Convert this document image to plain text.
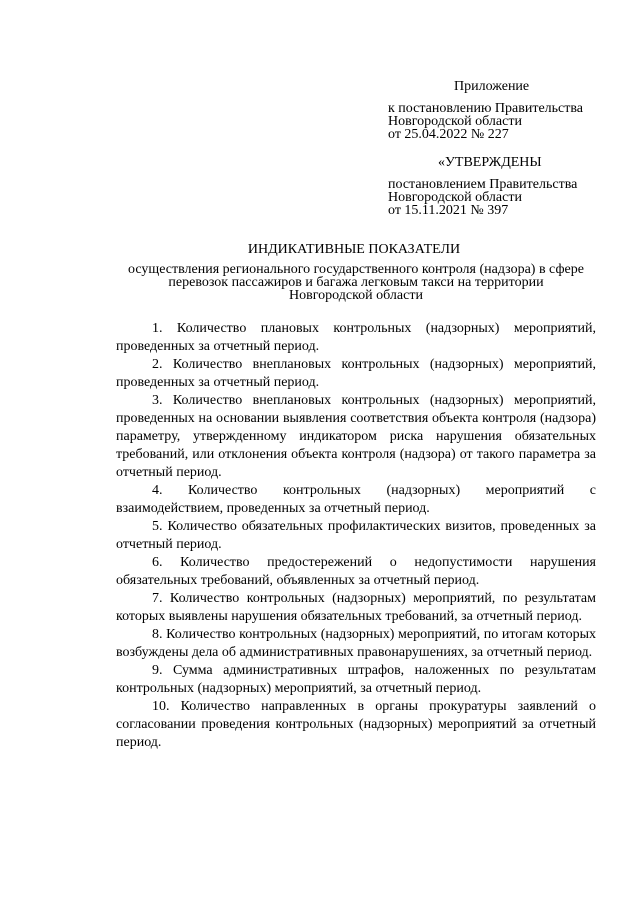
Приложение
к постановлению Правительства
Новгородской области
от 25.04.2022 № 227
«УТВЕРЖДЕНЫ
постановлением Правительства
Новгородской области
от 15.11.2021 № 397
ИНДИКАТИВНЫЕ ПОКАЗАТЕЛИ
осуществления регионального государственного контроля (надзора) в сфере
перевозок пассажиров и багажа легковым такси на территории
Новгородской области

1. Количество плановых контрольных (надзорных) мероприятий, проведенных за отчетный период.

2. Количество внеплановых контрольных (надзорных) мероприятий, проведенных за отчетный период.

3. Количество внеплановых контрольных (надзорных) мероприятий, проведенных на основании выявления соответствия объекта контроля (надзора) параметру, утвержденному индикатором риска нарушения обязательных требований, или отклонения объекта контроля (надзора) от такого параметра за отчетный период.

4. Количество контрольных (надзорных) мероприятий с взаимодействием, проведенных за отчетный период.

5. Количество обязательных профилактических визитов, проведенных за отчетный период.

6. Количество предостережений о недопустимости нарушения обязательных требований, объявленных за отчетный период.

7. Количество контрольных (надзорных) мероприятий, по результатам которых выявлены нарушения обязательных требований, за отчетный период.

8. Количество контрольных (надзорных) мероприятий, по итогам которых возбуждены дела об административных правонарушениях, за отчетный период.

9. Сумма административных штрафов, наложенных по результатам контрольных (надзорных) мероприятий, за отчетный период.

10. Количество направленных в органы прокуратуры заявлений о согласовании проведения контрольных (надзорных) мероприятий за отчетный период.
